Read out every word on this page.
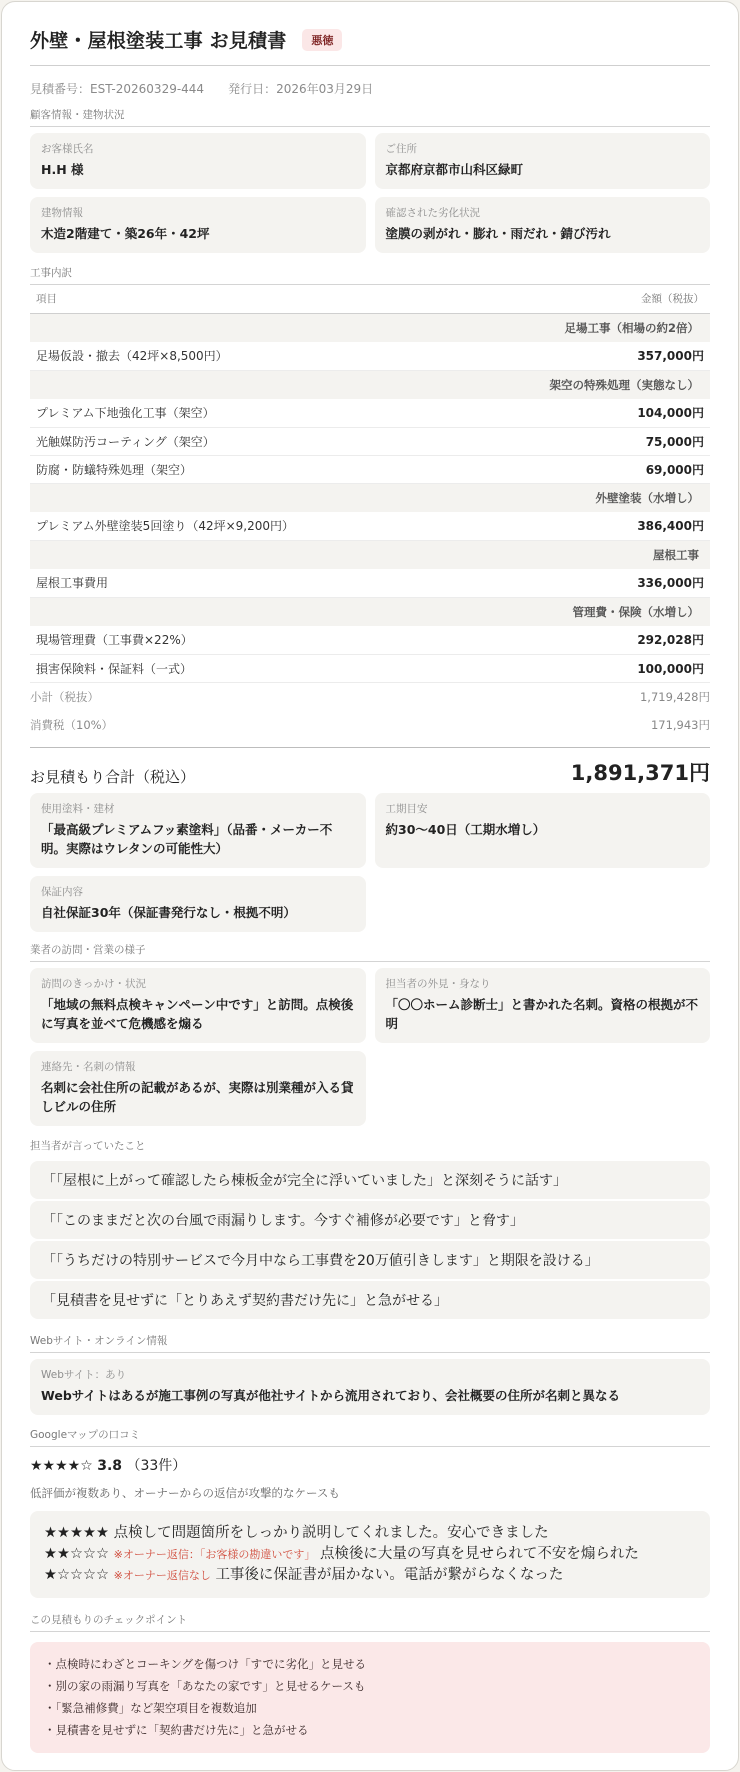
外壁・屋根塗装工事 お見積書	悪徳
見積番号：EST-20260329-444 発行日：2026年03月29日
顧客情報・建物状況
お客様氏名
H.H 様
ご住所
京都府京都市山科区緑町
建物情報
木造2階建て・築26年・42坪
確認された劣化状況
塗膜の剥がれ・膨れ・雨だれ・錆び汚れ
工事内訳
項目	金額（税抜）
足場工事（相場の約2倍）	
足場仮設・撤去（42坪×8,500円）	357,000円
架空の特殊処理（実態なし）	
プレミアム下地強化工事（架空）	104,000円
光触媒防汚コーティング（架空）	75,000円
防腐・防蟻特殊処理（架空）	69,000円
外壁塗装（水増し）	
プレミアム外壁塗装5回塗り（42坪×9,200円）	386,400円
屋根工事	
屋根工事費用	336,000円
管理費・保険（水増し）	
現場管理費（工事費×22%）	292,028円
損害保険料・保証料（一式）	100,000円
小計（税抜）	1,719,428円
消費税（10%）	171,943円
お見積もり合計（税込）	1,891,371円
使用塗料・建材
「最高級プレミアムフッ素塗料」（品番・メーカー不明。実際はウレタンの可能性大）
工期目安
約30〜40日（工期水増し）
保証内容
自社保証30年（保証書発行なし・根拠不明）
業者の訪問・営業の様子
訪問のきっかけ・状況
「地域の無料点検キャンペーン中です」と訪問。点検後に写真を並べて危機感を煽る
担当者の外見・身なり
「〇〇ホーム診断士」と書かれた名刺。資格の根拠が不明
連絡先・名刺の情報
名刺に会社住所の記載があるが、実際は別業種が入る貸しビルの住所
担当者が言っていたこと
「「屋根に上がって確認したら棟板金が完全に浮いていました」と深刻そうに話す」
「「このままだと次の台風で雨漏りします。今すぐ補修が必要です」と脅す」
「「うちだけの特別サービスで今月中なら工事費を20万値引きします」と期限を設ける」
「見積書を見せずに「とりあえず契約書だけ先に」と急がせる」
Webサイト・オンライン情報
Webサイト：あり
Webサイトはあるが施工事例の写真が他社サイトから流用されており、会社概要の住所が名刺と異なる
Googleマップの口コミ
★★★★☆ 3.8 （33件）
低評価が複数あり、オーナーからの返信が攻撃的なケースも
★★★★★ 点検して問題箇所をしっかり説明してくれました。安心できました
★★☆☆☆ ※オーナー返信：「お客様の勘違いです」 点検後に大量の写真を見せられて不安を煽られた
★☆☆☆☆ ※オーナー返信なし 工事後に保証書が届かない。電話が繋がらなくなった
この見積もりのチェックポイント
・点検時にわざとコーキングを傷つけ「すでに劣化」と見せる
・別の家の雨漏り写真を「あなたの家です」と見せるケースも
・「緊急補修費」など架空項目を複数追加
・見積書を見せずに「契約書だけ先に」と急がせる
